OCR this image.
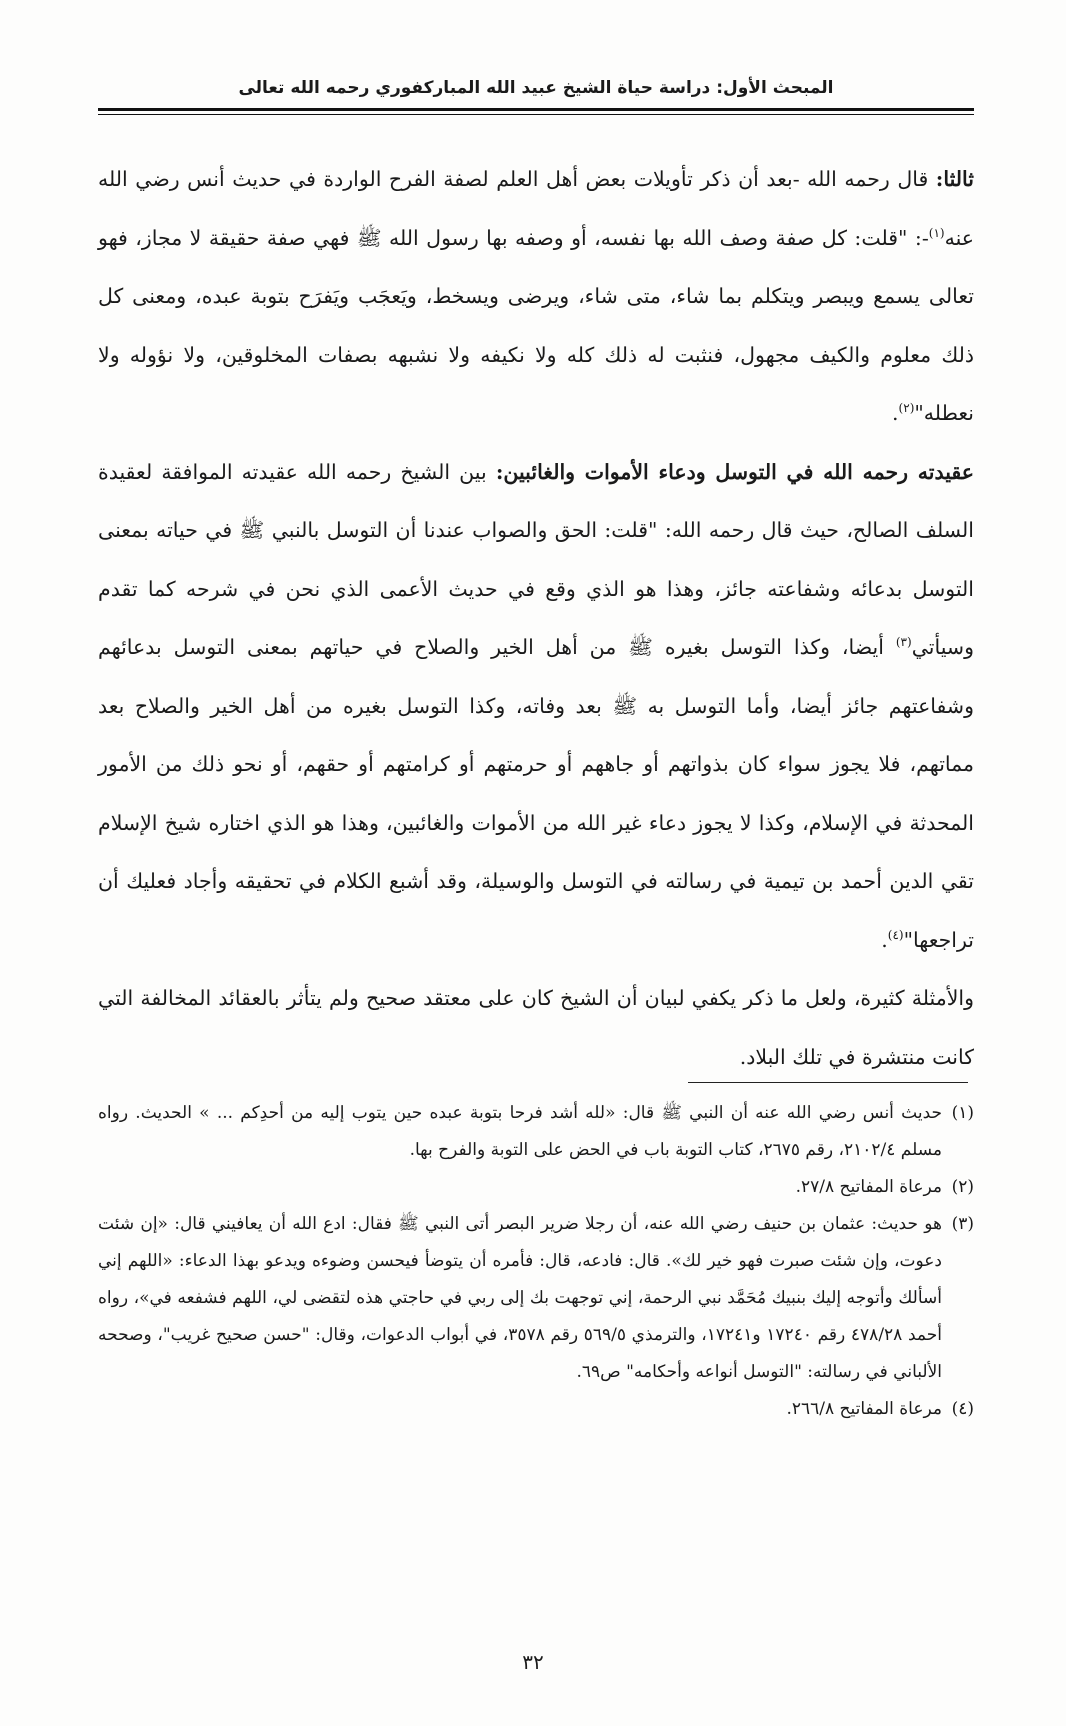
المبحث الأول: دراسة حياة الشيخ عبيد الله المباركفوري رحمه الله تعالى

ثالثا: قال رحمه الله -بعد أن ذكر تأويلات بعض أهل العلم لصفة الفرح الواردة في حديث أنس رضي الله عنه$^{(١)}$-: "قلت: كل صفة وصف الله بها نفسه، أو وصفه بها رسول الله ﷺ فهي صفة حقيقة لا مجاز، فهو تعالى يسمع ويبصر ويتكلم بما شاء، متى شاء، ويرضى ويسخط، ويَعجَب ويَفرَح بتوبة عبده، ومعنى كل ذلك معلوم والكيف مجهول، فنثبت له ذلك كله ولا نكيفه ولا نشبهه بصفات المخلوقين، ولا نؤوله ولا نعطله"$^{(٢)}$.

عقيدته رحمه الله في التوسل ودعاء الأموات والغائبين: بين الشيخ رحمه الله عقيدته الموافقة لعقيدة السلف الصالح، حيث قال رحمه الله: "قلت: الحق والصواب عندنا أن التوسل بالنبي ﷺ في حياته بمعنى التوسل بدعائه وشفاعته جائز، وهذا هو الذي وقع في حديث الأعمى الذي نحن في شرحه كما تقدم وسيأتي$^{(٣)}$ أيضا، وكذا التوسل بغيره ﷺ من أهل الخير والصلاح في حياتهم بمعنى التوسل بدعائهم وشفاعتهم جائز أيضا، وأما التوسل به ﷺ بعد وفاته، وكذا التوسل بغيره من أهل الخير والصلاح بعد مماتهم، فلا يجوز سواء كان بذواتهم أو جاههم أو حرمتهم أو كرامتهم أو حقهم، أو نحو ذلك من الأمور المحدثة في الإسلام، وكذا لا يجوز دعاء غير الله من الأموات والغائبين، وهذا هو الذي اختاره شيخ الإسلام تقي الدين أحمد بن تيمية في رسالته في التوسل والوسيلة، وقد أشبع الكلام في تحقيقه وأجاد فعليك أن تراجعها"$^{(٤)}$.

والأمثلة كثيرة، ولعل ما ذكر يكفي لبيان أن الشيخ كان على معتقد صحيح ولم يتأثر بالعقائد المخالفة التي كانت منتشرة في تلك البلاد.

(١)
حديث أنس رضي الله عنه أن النبي ﷺ قال: «لله أشد فرحا بتوبة عبده حين يتوب إليه من أحدِكم ... » الحديث. رواه مسلم ٢١٠٢/٤، رقم ٢٦٧٥، كتاب التوبة باب في الحض على التوبة والفرح بها.

(٢)
مرعاة المفاتيح ٢٧/٨.

(٣)
هو حديث: عثمان بن حنيف رضي الله عنه، أن رجلا ضرير البصر أتى النبي ﷺ فقال: ادع الله أن يعافيني قال: «إن شئت دعوت، وإن شئت صبرت فهو خير لك». قال: فادعه، قال: فأمره أن يتوضأ فيحسن وضوءه ويدعو بهذا الدعاء: «اللهم إني أسألك وأتوجه إليك بنبيك مُحَمَّد نبي الرحمة، إني توجهت بك إلى ربي في حاجتي هذه لتقضى لي، اللهم فشفعه في»، رواه أحمد ٤٧٨/٢٨ رقم ١٧٢٤٠ و١٧٢٤١، والترمذي ٥٦٩/٥ رقم ٣٥٧٨، في أبواب الدعوات، وقال: "حسن صحيح غريب"، وصححه الألباني في رسالته: "التوسل أنواعه وأحكامه" ص٦٩.

(٤)
مرعاة المفاتيح ٢٦٦/٨.

٣٢
